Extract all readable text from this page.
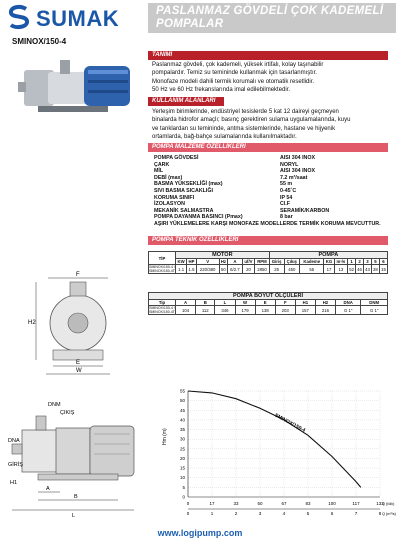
SUMAK	PASLANMAZ GÖVDELİ ÇOK KADEMELİ
POMPALAR
SMINOX/150-4
TANIMI
Paslanmaz gövdeli, çok kademeli, yüksek irtifalı, kolay taşınabilir
pompalardır. Temiz su temininde kullanmak için tasarlanmıştır.
Monofaze modeli dahili termik korumalı ve otomatik resetlidir.
50 Hz ve 60 Hz frekanslarında imal edilebilmektedir.
KULLANIM ALANLARI
Yerleşim birimlerinde, endüstriyel tesislerde 5 kat 12 daireyi geçmeyen
binalarda hidrofor amaçlı; basınç gerektiren sulama uygulamalarında, kuyu
ve tanklardan su temininde, antma sistemlerinde, hastane ve hijyenik
ortamlarda, bağ-bahçe sulamalarında kullanılmaktadır.
POMPA MALZEME ÖZELLİKLERİ
POMPA GÖVDESİ	AISI 304 INOX
ÇARK	NORYL
MİL	AISI 304 INOX
DEBİ (max)	7.2 m³/saat
BASMA YÜKSEKLİĞİ (max)	55 m
SIVI BASMA SICAKLIĞI	0-45˚C
KORUMA SINIFI	IP 54
İZOLASYON	Cl.F
MEKANİK SALMASTRA	SERAMİK/KARBON
POMPA DAYANMA BASINCI (Pmax)	8 bar
AŞIRI YÜKLEMELERE KARŞI MONOFAZE MODELLERDE TERMİK KORUMA MEVCUTTUR.
POMPA TEKNİK ÖZELLİKLERİ
TİP	MOTOR							POMPA									
	KW	HP	V	Hz	A	uf/V	RPM	Giriş	Çıkış	Kademe	KG	m³/s	1	2	3	5	6
SMINOX/150-4 / SMINOX/150-4T	1.1	1.5	220/380	50	6/2.7	20	2850	25	450	55	17	13	52	46	43	28	15
POMPA BOYUT ÖLÇÜLERİ										
Tip	A	B	L	W	E	F	H1	H2	DNA	DNM
SMINOX/150-4 / SMINOX/150-4T	104	112	346	179	138	203	157	216	G 1"	G 1"
F
H2
E
W
DNM
ÇIKIŞ
DNA
GİRİŞ
H1
A
B
L
0
5
10
15
20
25
30
35
40
45
50
55
0
0
17
1
33
2
50
3
67
4
83
5
100
6
117
7
133
8
Q (l/dk)
Q (m³/s)
SMINOX/150-4
Hm (m)
www.logipump.com
